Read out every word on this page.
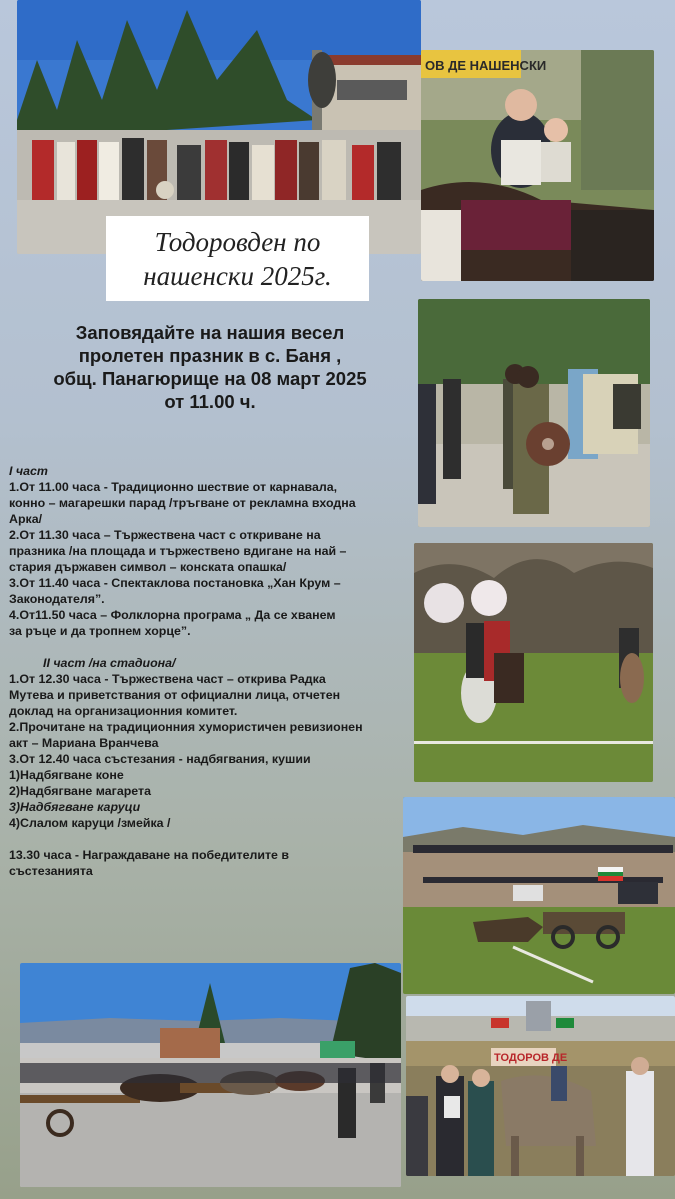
ОВ ДЕ НАШЕНСКИ
Тодоровден по
нашенски 2025г.
Заповядайте на нашия весел
пролетен празник в с. Баня ,
общ. Панагюрище на 08 март 2025
от 11.00 ч.
I част
1.От 11.00 часа - Традиционно шествие от карнавала,
конно – магарешки парад /тръгване от рекламна входна
Арка/
2.От 11.30 часа – Тържествена част с откриване на
празника /на площада и тържествено вдигане на най –
стария държавен символ – конската опашка/
3.От 11.40 часа - Спектаклова постановка „Хан Крум –
Законодателя”.
4.От11.50 часа – Фолклорна програма „ Да се хванем
за ръце и да тропнем хорце”.
II част /на стадиона/
1.От 12.30 часа - Тържествена част – открива Радка
Мутева и приветствания от официални лица, отчетен
доклад на организационния комитет.
2.Прочитане на традиционния хумористичен ревизионен
акт – Мариана Вранчева
3.От 12.40 часа състезания - надбягвания, кушии
1)Надбягване коне
2)Надбягване магарета
3)Надбягване каруци
4)Слалом каруци /змейка /
13.30 часа - Награждаване на победителите в
състезанията
ТОДОРОВ ДЕ
